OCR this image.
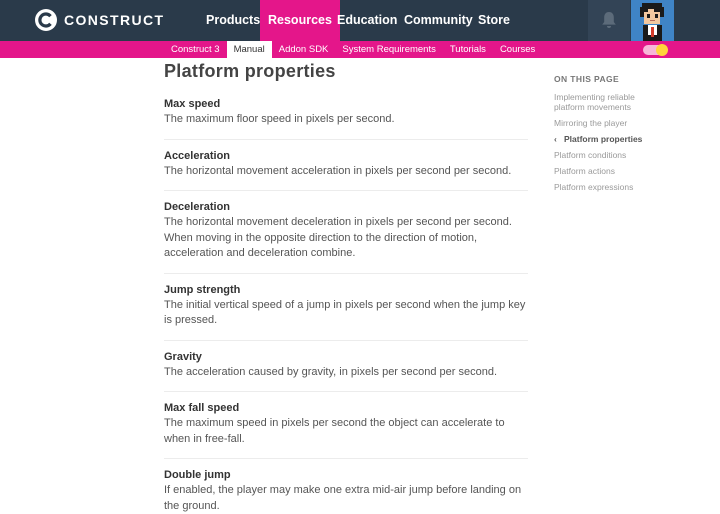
CONSTRUCT	Products Resources Education Community Store
Construct 3	Manual	Addon SDK	System Requirements	Tutorials	Courses
Platform properties
Max speed
The maximum floor speed in pixels per second.
Acceleration
The horizontal movement acceleration in pixels per second per second.
Deceleration
The horizontal movement deceleration in pixels per second per second. When moving in the opposite direction to the direction of motion, acceleration and deceleration combine.
Jump strength
The initial vertical speed of a jump in pixels per second when the jump key is pressed.
Gravity
The acceleration caused by gravity, in pixels per second per second.
Max fall speed
The maximum speed in pixels per second the object can accelerate to when in free-fall.
Double jump
If enabled, the player may make one extra mid-air jump before landing on the ground.
ON THIS PAGE
Implementing reliable platform movements
Mirroring the player
‹ Platform properties
Platform conditions
Platform actions
Platform expressions
